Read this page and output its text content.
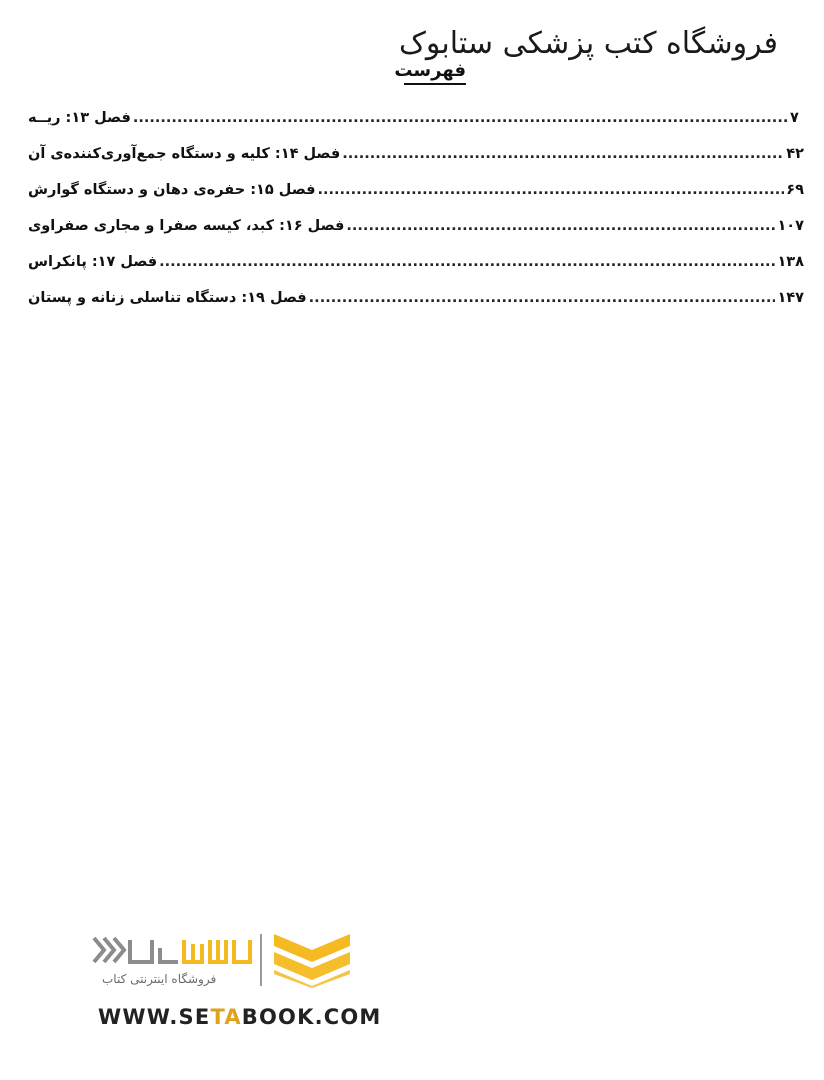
فروشگاه کتب پزشکی ستابوک
فهرست
فصل ۱۳: ریــه .....	۷
فصل ۱۴: کلیه و دستگاه جمع‌آوری‌کننده‌ی آن .....	۴۲
فصل ۱۵: حفره‌ی دهان و دستگاه گوارش .....	۶۹
فصل ۱۶: کبد، کیسه صفرا و مجاری صفراوی .....	۱۰۷
فصل ۱۷: پانکراس .....	۱۳۸
فصل ۱۹: دستگاه تناسلی زنانه و پستان .....	۱۴۷
فروشگاه اینترنتی کتاب
WWW.SETABOOK.COM
